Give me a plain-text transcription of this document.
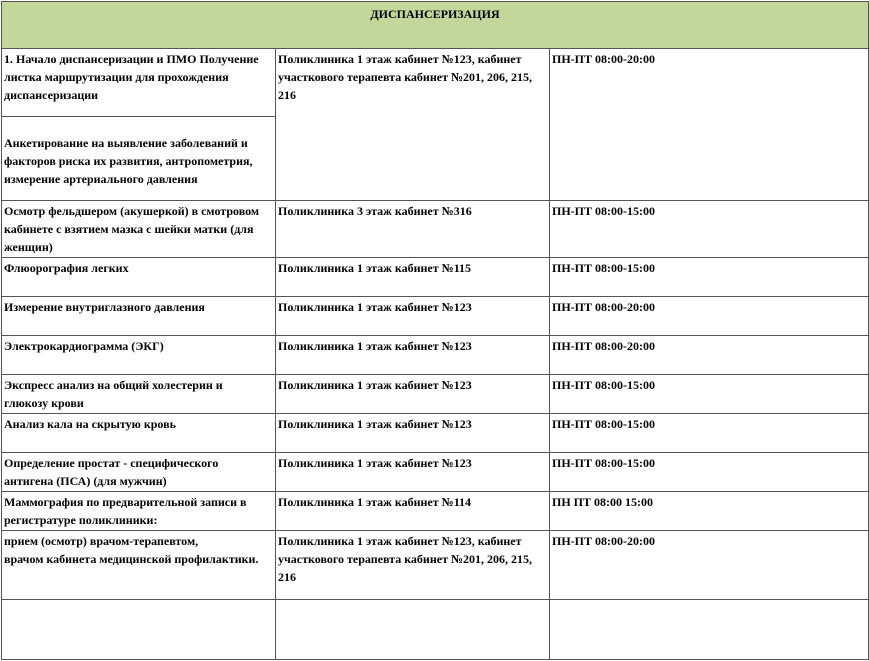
ДИСПАНСЕРИЗАЦИЯ		

1. Начало диспансеризации и ПМО Получение
листка маршрутизации для прохождения
диспансеризации	Поликлиника 1 этаж кабинет №123, кабинет
участкового терапевта кабинет №201, 206, 215,
216	ПН-ПТ 08:00-20:00

Анкетирование на выявление заболеваний и
факторов риска их развития, антропометрия,
измерение артериального давления		

Осмотр фельдшером (акушеркой) в смотровом
кабинете с взятием мазка с шейки матки (для
женщин)	Поликлиника 3 этаж кабинет №316	ПН-ПТ 08:00-15:00
Флюорография легких	Поликлиника 1 этаж кабинет №115	ПН-ПТ 08:00-15:00
Измерение внутриглазного давления	Поликлиника 1 этаж кабинет №123	ПН-ПТ 08:00-20:00
Электрокардиограмма (ЭКГ)	Поликлиника 1 этаж кабинет №123	ПН-ПТ 08:00-20:00

Экспресс анализ на общий холестерин и
глюкозу крови	Поликлиника 1 этаж кабинет №123	ПН-ПТ 08:00-15:00
Анализ кала на скрытую кровь	Поликлиника 1 этаж кабинет №123	ПН-ПТ 08:00-15:00

Определение простат - специфического
антигена (ПСА) (для мужчин)	Поликлиника 1 этаж кабинет №123	ПН-ПТ 08:00-15:00

Маммография по предварительной записи в
регистратуре поликлиники:	Поликлиника 1 этаж кабинет №114	ПН ПТ 08:00 15:00

прием (осмотр) врачом-терапевтом,
врачом кабинета медицинской профилактики.	Поликлиника 1 этаж кабинет №123, кабинет
участкового терапевта кабинет №201, 206, 215,
216	ПН-ПТ 08:00-20:00
